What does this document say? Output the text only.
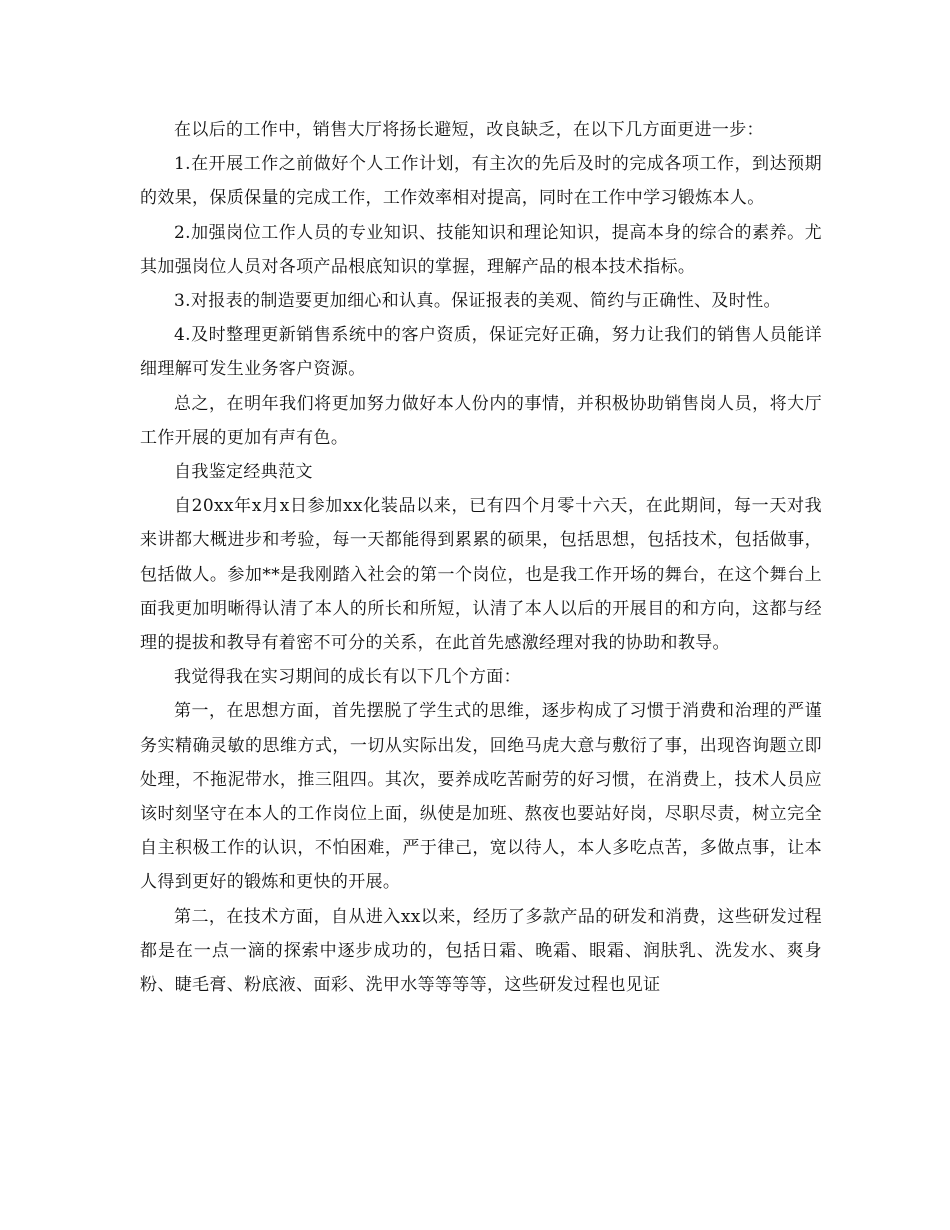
在以后的工作中，销售大厅将扬长避短，改良缺乏，在以下几方面更进一步：

1.在开展工作之前做好个人工作计划，有主次的先后及时的完成各项工作，到达预期的效果，保质保量的完成工作，工作效率相对提高，同时在工作中学习锻炼本人。

2.加强岗位工作人员的专业知识、技能知识和理论知识，提高本身的综合的素养。尤其加强岗位人员对各项产品根底知识的掌握，理解产品的根本技术指标。

3.对报表的制造要更加细心和认真。保证报表的美观、简约与正确性、及时性。

4.及时整理更新销售系统中的客户资质，保证完好正确，努力让我们的销售人员能详细理解可发生业务客户资源。

总之，在明年我们将更加努力做好本人份内的事情，并积极协助销售岗人员，将大厅工作开展的更加有声有色。

自我鉴定经典范文

自20xx年x月x日参加xx化装品以来，已有四个月零十六天，在此期间，每一天对我来讲都大概进步和考验，每一天都能得到累累的硕果，包括思想，包括技术，包括做事，包括做人。参加**是我刚踏入社会的第一个岗位，也是我工作开场的舞台，在这个舞台上面我更加明晰得认清了本人的所长和所短，认清了本人以后的开展目的和方向，这都与经理的提拔和教导有着密不可分的关系，在此首先感激经理对我的协助和教导。

我觉得我在实习期间的成长有以下几个方面：

第一，在思想方面，首先摆脱了学生式的思维，逐步构成了习惯于消费和治理的严谨务实精确灵敏的思维方式，一切从实际出发，回绝马虎大意与敷衍了事，出现咨询题立即处理，不拖泥带水，推三阻四。其次，要养成吃苦耐劳的好习惯，在消费上，技术人员应该时刻坚守在本人的工作岗位上面，纵使是加班、熬夜也要站好岗，尽职尽责，树立完全自主积极工作的认识，不怕困难，严于律己，宽以待人，本人多吃点苦，多做点事，让本人得到更好的锻炼和更快的开展。

第二，在技术方面，自从进入xx以来，经历了多款产品的研发和消费，这些研发过程都是在一点一滴的探索中逐步成功的，包括日霜、晚霜、眼霜、润肤乳、洗发水、爽身粉、睫毛膏、粉底液、面彩、洗甲水等等等等，这些研发过程也见证
